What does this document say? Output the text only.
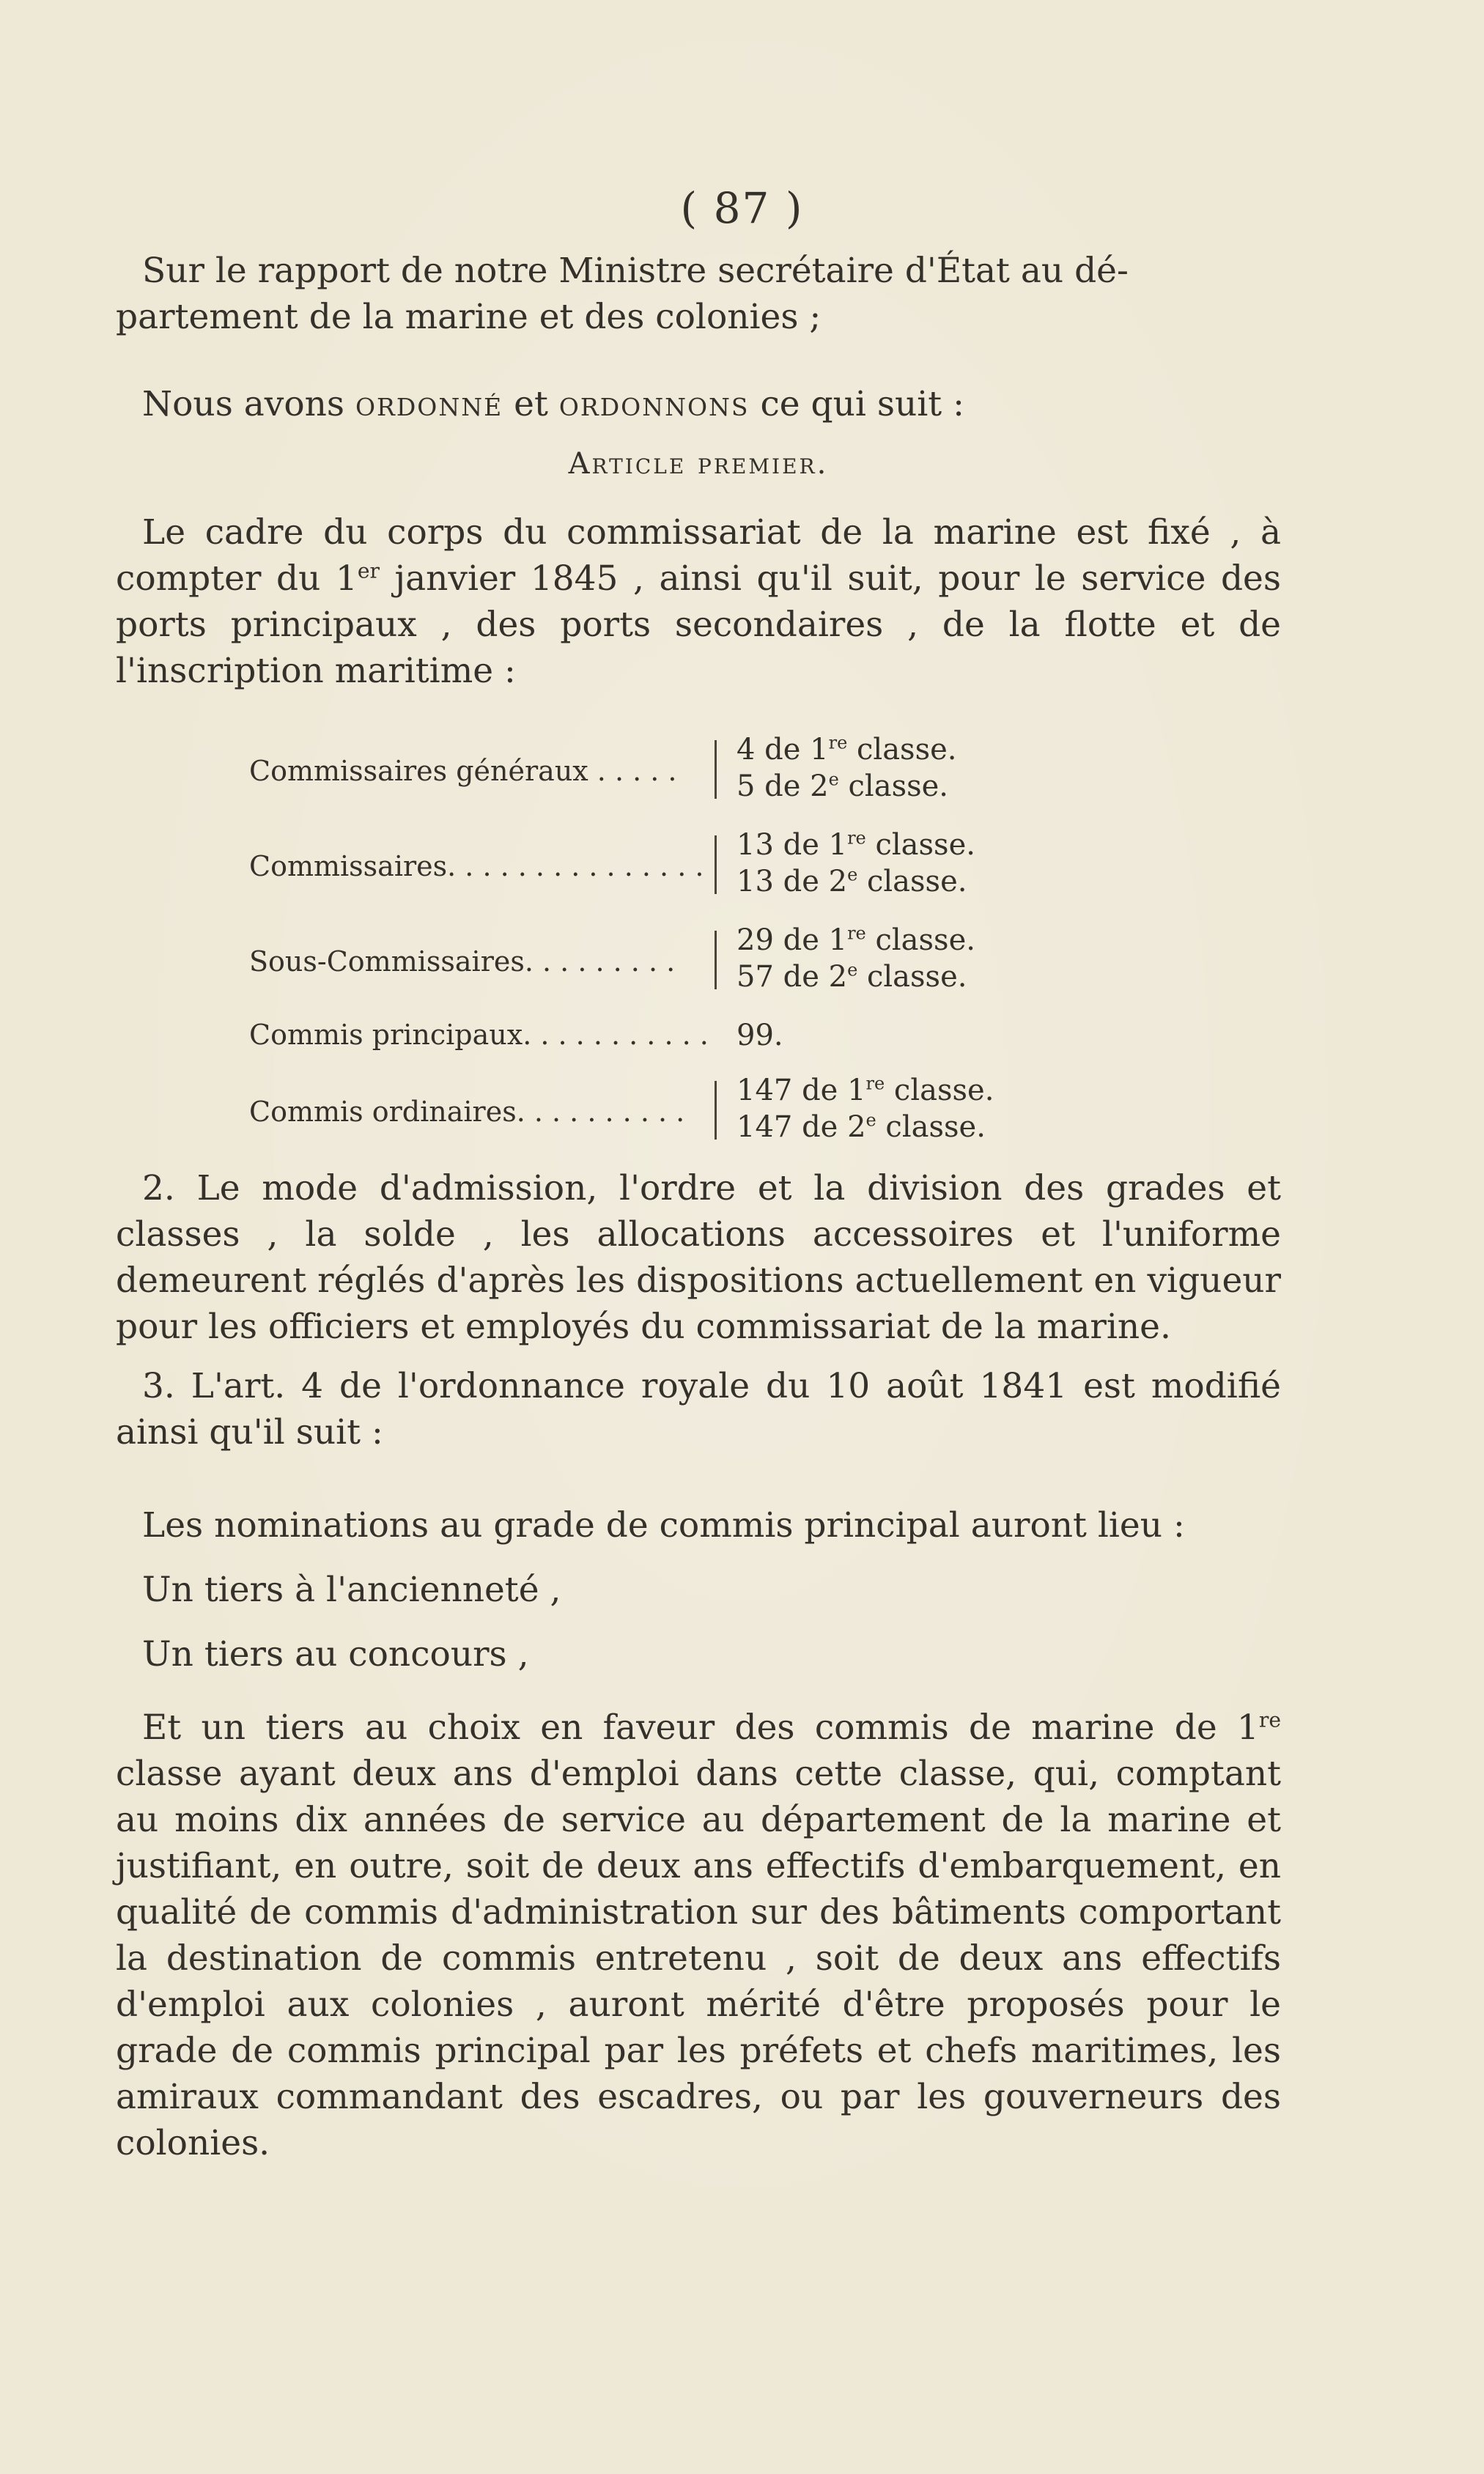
( 87 )

Sur le rapport de notre Ministre secrétaire d'État au dé-

partement de la marine et des colonies ;

Nous avons ordonné et ordonnons ce qui suit :

Article premier.

Le cadre du corps du commissariat de la marine est fixé , à compter du 1er janvier 1845 , ainsi qu'il suit, pour le service des ports principaux , des ports secondaires , de la flotte et de l'inscription maritime :

Commissaires généraux . . . . .
4 de 1re classe.
5 de 2e classe.
Commissaires. . . . . . . . . . . . . . .
13 de 1re classe.
13 de 2e classe.
Sous-Commissaires. . . . . . . . .
29 de 1re classe.
57 de 2e classe.
Commis principaux. . . . . . . . . . . 99.
Commis ordinaires. . . . . . . . . .
147 de 1re classe.
147 de 2e classe.

2. Le mode d'admission, l'ordre et la division des grades et classes , la solde , les allocations accessoires et l'uniforme demeurent réglés d'après les dispositions actuellement en vigueur pour les officiers et employés du commissariat de la marine.

3. L'art. 4 de l'ordonnance royale du 10 août 1841 est modifié ainsi qu'il suit :

Les nominations au grade de commis principal auront lieu :

Un tiers à l'ancienneté ,

Un tiers au concours ,

Et un tiers au choix en faveur des commis de marine de 1re classe ayant deux ans d'emploi dans cette classe, qui, comptant au moins dix années de service au département de la marine et justifiant, en outre, soit de deux ans effectifs d'embarquement, en qualité de commis d'administration sur des bâtiments comportant la destination de commis entretenu , soit de deux ans effectifs d'emploi aux colonies , auront mérité d'être proposés pour le grade de commis principal par les préfets et chefs maritimes, les amiraux commandant des escadres, ou par les gouverneurs des colonies.
